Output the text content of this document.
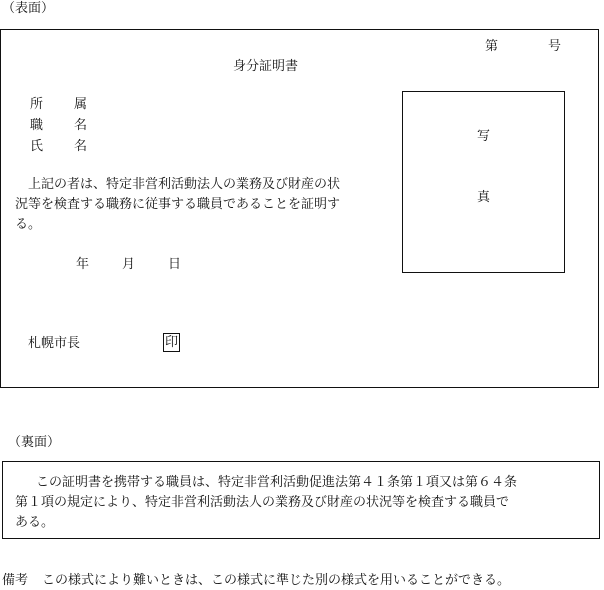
（表面）
第	号
身分証明書
所 属
職 名
氏 名
上記の者は、特定非営利活動法人の業務及び財産の状
況等を検査する職務に従事する職員であることを証明す
る。
年	月	日
写
真
札幌市長	印
（裏面）
この証明書を携帯する職員は、特定非営利活動促進法第４１条第１項又は第６４条
第１項の規定により、特定非営利活動法人の業務及び財産の状況等を検査する職員で
ある。
備考 この様式により難いときは、この様式に準じた別の様式を用いることができる。
